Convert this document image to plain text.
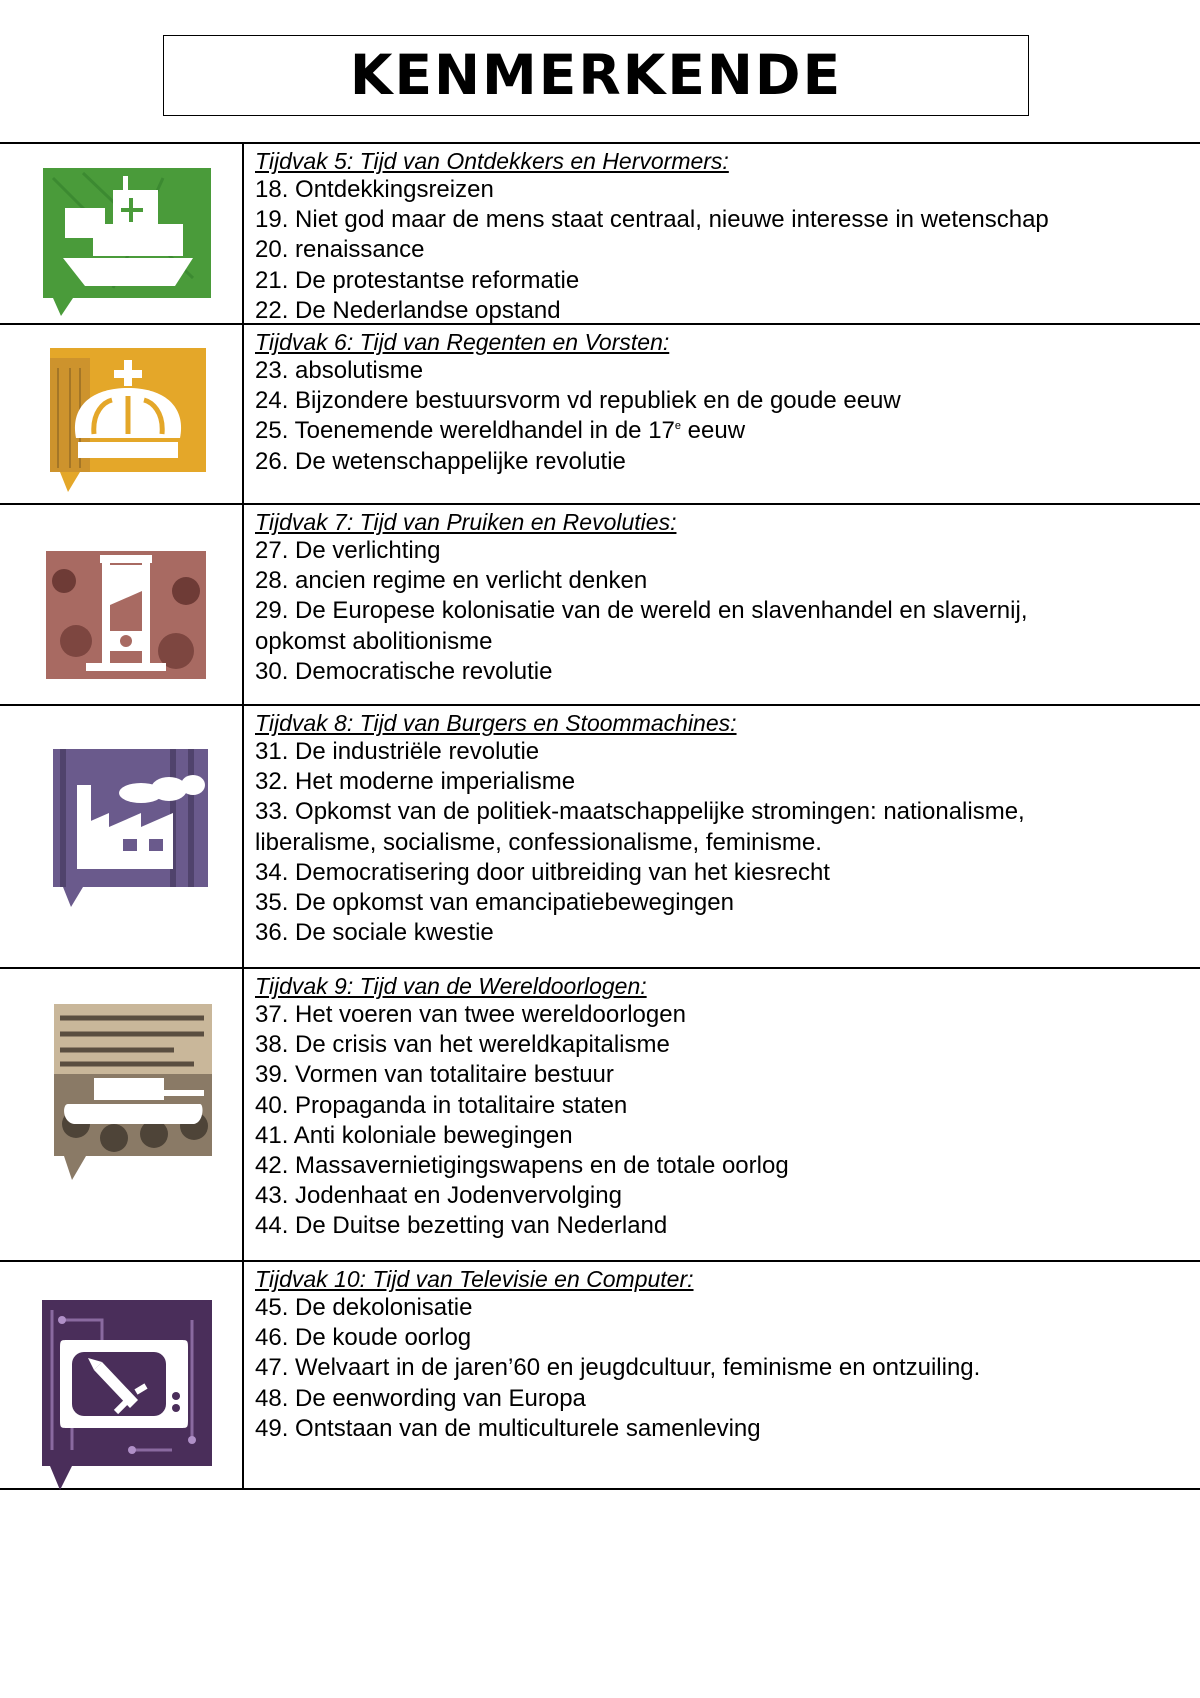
KENMERKENDE
Tijdvak 5: Tijd van Ontdekkers en Hervormers:
18. Ontdekkingsreizen
19. Niet god maar de mens staat centraal, nieuwe interesse in wetenschap
20. renaissance
21. De protestantse reformatie
22. De Nederlandse opstand
Tijdvak 6: Tijd van Regenten en Vorsten:
23. absolutisme
24. Bijzondere bestuursvorm vd republiek en de goude eeuw
25. Toenemende wereldhandel in de 17e eeuw
26. De wetenschappelijke revolutie
Tijdvak 7: Tijd van Pruiken en Revoluties:
27. De verlichting
28. ancien regime en verlicht denken
29. De Europese kolonisatie van de wereld en slavenhandel en slavernij,
opkomst abolitionisme
30. Democratische revolutie
Tijdvak 8: Tijd van Burgers en Stoommachines:
31. De industriële revolutie
32. Het moderne imperialisme
33. Opkomst van de politiek-maatschappelijke stromingen: nationalisme,
liberalisme, socialisme, confessionalisme, feminisme.
34. Democratisering door uitbreiding van het kiesrecht
35. De opkomst van emancipatiebewegingen
36. De sociale kwestie
Tijdvak 9: Tijd van de Wereldoorlogen:
37. Het voeren van twee wereldoorlogen
38. De crisis van het wereldkapitalisme
39. Vormen van totalitaire bestuur
40. Propaganda in totalitaire staten
41. Anti koloniale bewegingen
42. Massavernietigingswapens en de totale oorlog
43. Jodenhaat en Jodenvervolging
44. De Duitse bezetting van Nederland
Tijdvak 10: Tijd van Televisie en Computer:
45. De dekolonisatie
46. De koude oorlog
47. Welvaart in de jaren’60 en jeugdcultuur, feminisme en ontzuiling.
48. De eenwording van Europa
49. Ontstaan van de multiculturele samenleving
